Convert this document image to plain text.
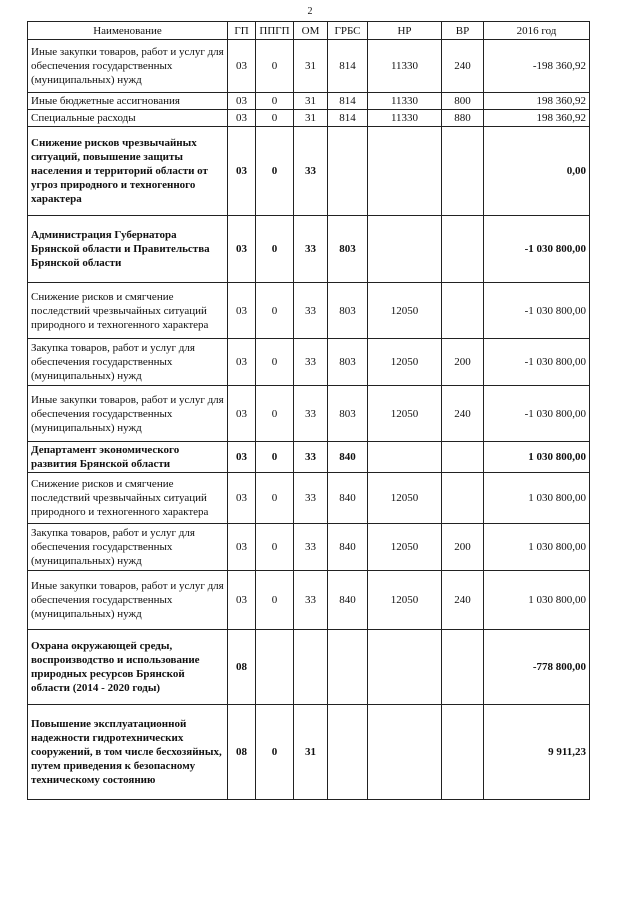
2
Наименование	ГП	ППГП	ОМ	ГРБС	НР	ВР	2016 год
Иные закупки товаров, работ и услуг для обеспечения государственных (муниципальных) нужд	03	0	31	814	11330	240	-198 360,92
Иные бюджетные ассигнования	03	0	31	814	11330	800	198 360,92
Специальные расходы	03	0	31	814	11330	880	198 360,92
Снижение рисков чрезвычайных ситуаций, повышение защиты населения и территорий области от угроз природного и техногенного характера	03	0	33				0,00
Администрация Губернатора Брянской области и Правительства Брянской области	03	0	33	803			-1 030 800,00
Снижение рисков и смягчение последствий чрезвычайных ситуаций природного и техногенного характера	03	0	33	803	12050		-1 030 800,00
Закупка товаров, работ и услуг для обеспечения государственных (муниципальных) нужд	03	0	33	803	12050	200	-1 030 800,00
Иные закупки товаров, работ и услуг для обеспечения государственных (муниципальных) нужд	03	0	33	803	12050	240	-1 030 800,00
Департамент экономического развития Брянской области	03	0	33	840			1 030 800,00
Снижение рисков и смягчение последствий чрезвычайных ситуаций природного и техногенного характера	03	0	33	840	12050		1 030 800,00
Закупка товаров, работ и услуг для обеспечения государственных (муниципальных) нужд	03	0	33	840	12050	200	1 030 800,00
Иные закупки товаров, работ и услуг для обеспечения государственных (муниципальных) нужд	03	0	33	840	12050	240	1 030 800,00
Охрана окружающей среды, воспроизводство и использование природных ресурсов Брянской области (2014 - 2020 годы)	08						-778 800,00
Повышение эксплуатационной надежности гидротехнических сооружений, в том числе бесхозяйных, путем приведения к безопасному техническому состоянию	08	0	31				9 911,23
